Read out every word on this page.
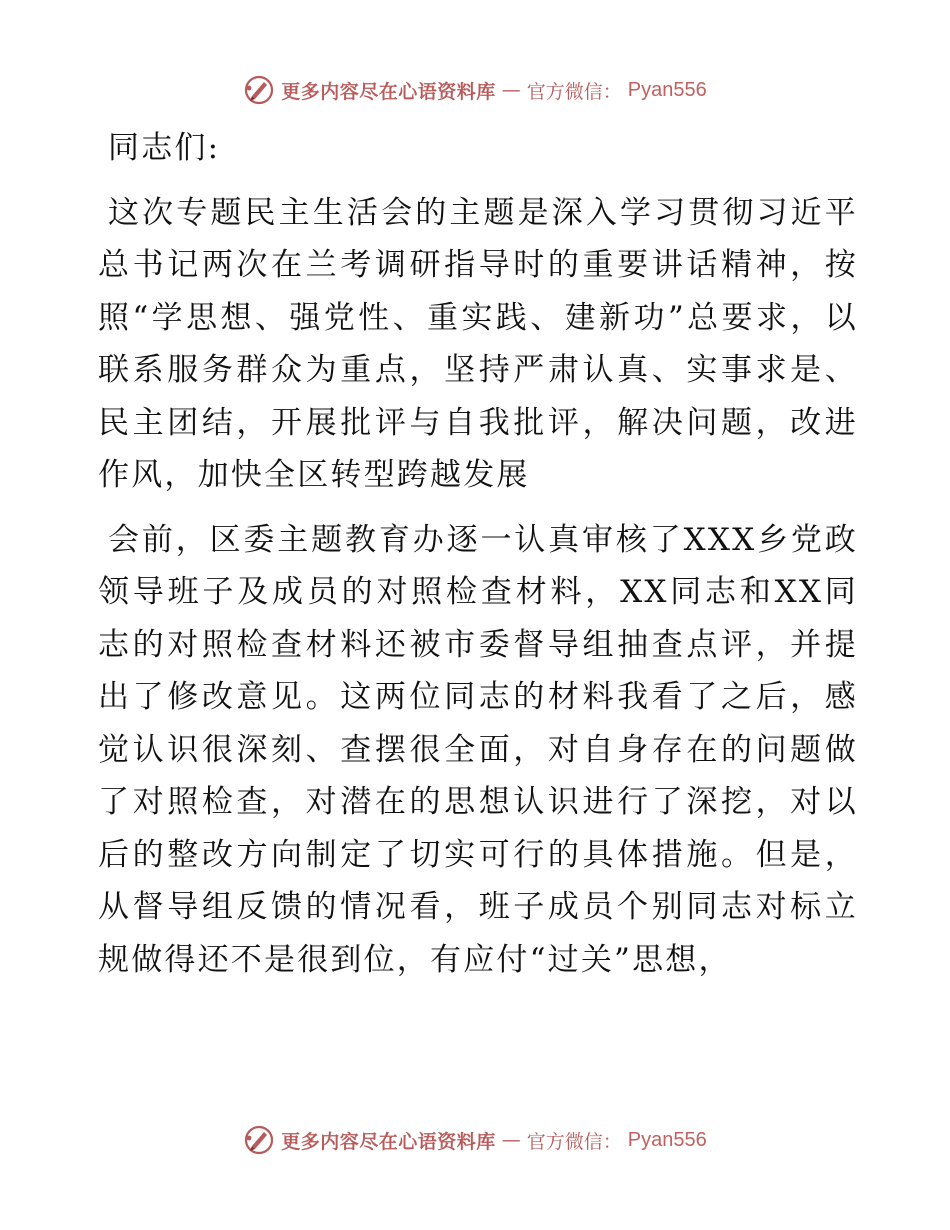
更多内容尽在心语资料库 — 官方微信： Pyan556

同志们:

这次专题民主生活会的主题是深入学习贯彻习近平总书记两次在兰考调研指导时的重要讲话精神，按照“学思想、强党性、重实践、建新功”总要求，以联系服务群众为重点，坚持严肃认真、实事求是、民主团结，开展批评与自我批评，解决问题，改进作风，加快全区转型跨越发展

会前，区委主题教育办逐一认真审核了XXX乡党政领导班子及成员的对照检查材料，XX同志和XX同志的对照检查材料还被市委督导组抽查点评，并提出了修改意见。这两位同志的材料我看了之后，感觉认识很深刻、查摆很全面，对自身存在的问题做了对照检查，对潜在的思想认识进行了深挖，对以后的整改方向制定了切实可行的具体措施。但是，从督导组反馈的情况看，班子成员个别同志对标立规做得还不是很到位，有应付“过关”思想，

更多内容尽在心语资料库 — 官方微信： Pyan556
